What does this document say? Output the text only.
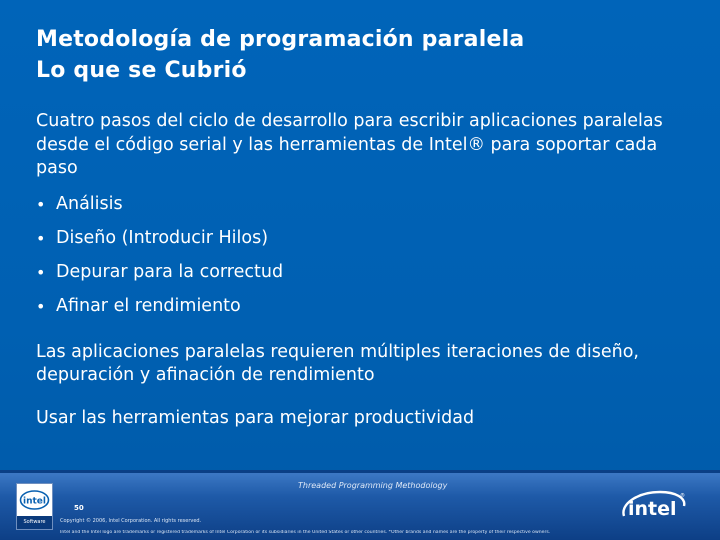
Metodología de programación paralela
Lo que se Cubrió

Cuatro pasos del ciclo de desarrollo para escribir aplicaciones paralelas desde el código serial y las herramientas de Intel® para soportar cada paso

• Análisis
• Diseño (Introducir Hilos)
• Depurar para la correctud
• Afinar el rendimiento

Las aplicaciones paralelas requieren múltiples iteraciones de diseño, depuración y afinación de rendimiento

Usar las herramientas para mejorar productividad

Threaded Programming Methodology
intel
Software
50
Copyright © 2006, Intel Corporation. All rights reserved.
Intel and the Intel logo are trademarks or registered trademarks of Intel Corporation or its subsidiaries in the United States or other countries. *Other brands and names are the property of their respective owners.
intel
®
